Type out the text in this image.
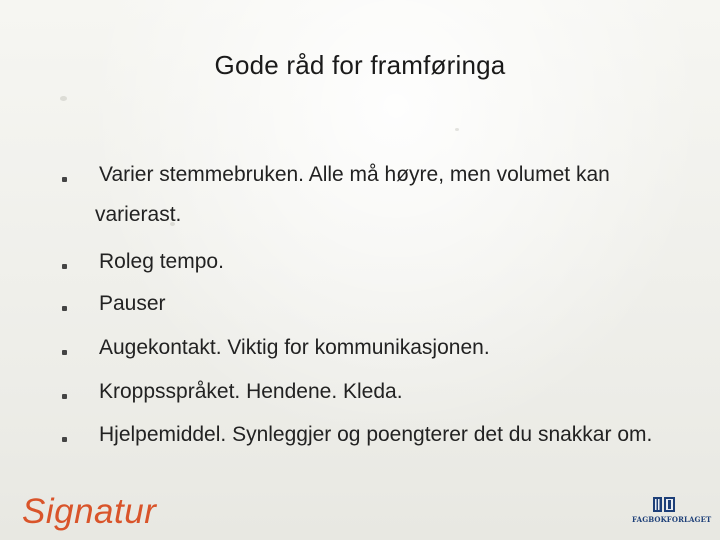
Gode råd for framføringa
Varier stemmebruken. Alle må høyre, men volumet kan
varierast.
Roleg tempo.
Pauser
Augekontakt. Viktig for kommunikasjonen.
Kroppsspråket. Hendene. Kleda.
Hjelpemiddel. Synleggjer og poengterer det du snakkar om.
Signatur	FAGBOKFORLAGET
